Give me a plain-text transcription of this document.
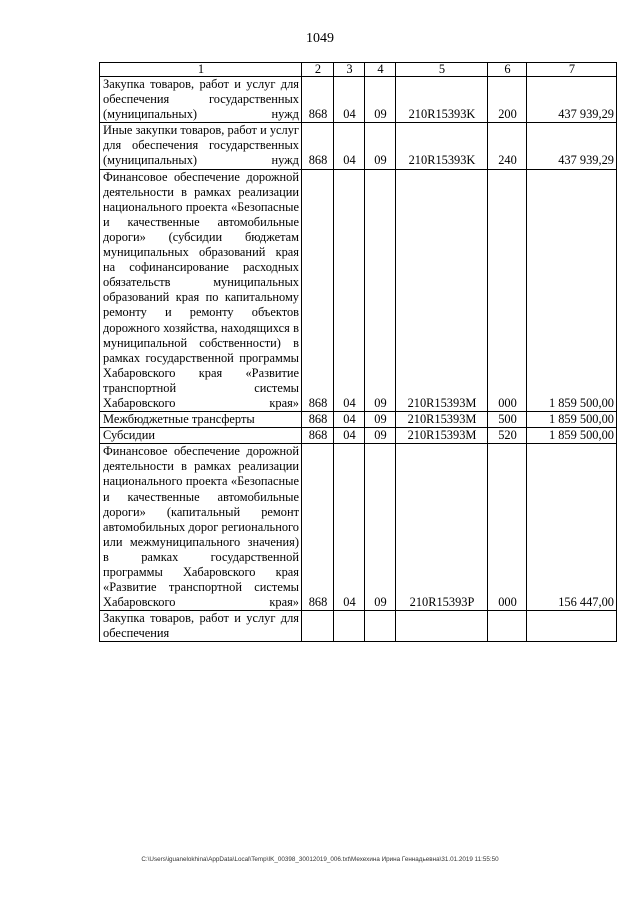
1049
1	2	3	4	5	6	7
Закупка товаров, работ и услуг для обеспечения государственных (муниципальных) нужд	868	04	09	210R15393K	200	437 939,29
Иные закупки товаров, работ и услуг для обеспечения государственных (муниципальных) нужд	868	04	09	210R15393K	240	437 939,29
Финансовое обеспечение дорожной деятельности в рамках реализации национального проекта «Безопасные и качественные автомобильные дороги» (субсидии бюджетам муниципальных образований края на софинансирование расходных обязательств муниципальных образований края по капитальному ремонту и ремонту объектов дорожного хозяйства, находящихся в муниципальной собственности) в рамках государственной программы Хабаровского края «Развитие транспортной системы Хабаровского края»	868	04	09	210R15393M	000	1 859 500,00
Межбюджетные трансферты	868	04	09	210R15393M	500	1 859 500,00
Субсидии	868	04	09	210R15393M	520	1 859 500,00
Финансовое обеспечение дорожной деятельности в рамках реализации национального проекта «Безопасные и качественные автомобильные дороги» (капитальный ремонт автомобильных дорог регионального или межмуниципального значения) в рамках государственной программы Хабаровского края «Развитие транспортной системы Хабаровского края»	868	04	09	210R15393P	000	156 447,00
Закупка товаров, работ и услуг для обеспечения						
C:\Users\iguanelokhina\AppData\Local\Temp\IK_00398_30012019_006.txt\Мехехина Ирина Геннадьевна\31.01.2019 11:55:50
